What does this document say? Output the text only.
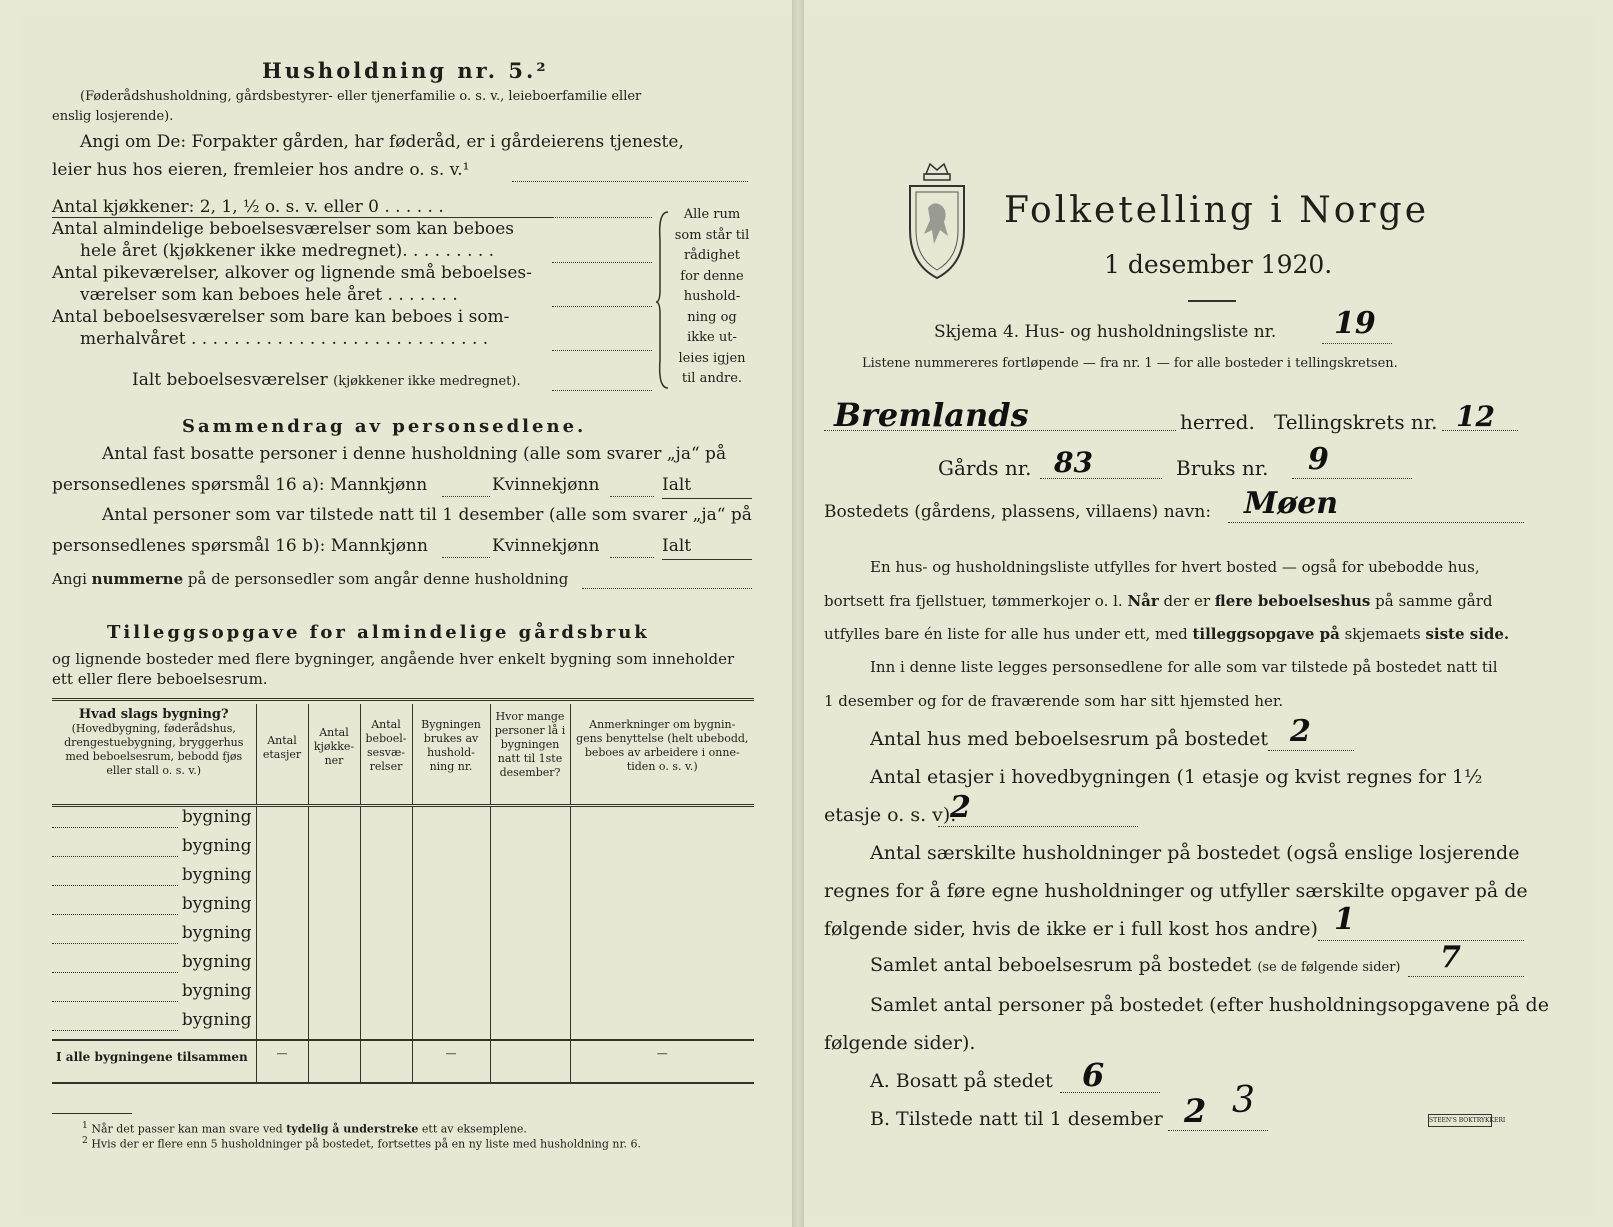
Husholdning nr. 5.²
(Føderådshusholdning, gårdsbestyrer- eller tjenerfamilie o. s. v., leieboerfamilie eller
enslig losjerende).
Angi om De: Forpakter gården, har føderåd, er i gårdeierens tjeneste,
leier hus hos eieren, fremleier hos andre o. s. v.¹
Antal kjøkkener: 2, 1, ½ o. s. v. eller 0 . . . . . .
Antal almindelige beboelsesværelser som kan beboes
hele året (kjøkkener ikke medregnet). . . . . . . . .
Antal pikeværelser, alkover og lignende små beboelses-
værelser som kan beboes hele året . . . . . . .
Antal beboelsesværelser som bare kan beboes i som-
merhalvåret . . . . . . . . . . . . . . . . . . . . . . . . . . . .
Ialt beboelsesværelser (kjøkkener ikke medregnet).
Alle rum
som står til
rådighet
for denne
hushold-
ning og
ikke ut-
leies igjen
til andre.
Sammendrag av personsedlene.
Antal fast bosatte personer i denne husholdning (alle som svarer „ja“ på
personsedlenes spørsmål 16 a): Mannkjønn	Kvinnekjønn	Ialt
Antal personer som var tilstede natt til 1 desember (alle som svarer „ja“ på
personsedlenes spørsmål 16 b): Mannkjønn	Kvinnekjønn	Ialt
Angi nummerne på de personsedler som angår denne husholdning
Tilleggsopgave for almindelige gårdsbruk
og lignende bosteder med flere bygninger, angående hver enkelt bygning som inneholder
ett eller flere beboelsesrum.
Hvad slags bygning?
(Hovedbygning, føderådshus, drengestuebygning, bryggerhus med beboelsesrum, bebodd fjøs eller stall o. s. v.)	Antal etasjer	Antal kjøkke- ner	Antal beboel- sesvæ- relser	Bygningen brukes av hushold- ning nr.	Hvor mange personer lå i bygningen natt til 1ste desember?	Anmerkninger om bygnin- gens benyttelse (helt ubebodd, beboes av arbeidere i onne- tiden o. s. v.)

bygning						

bygning						

bygning						

bygning						

bygning						

bygning						

bygning						

bygning						
I alle bygningene tilsammen	—			—		—
$^1$ Når det passer kan man svare ved tydelig å understreke ett av eksemplene.
$^2$ Hvis der er flere enn 5 husholdninger på bostedet, fortsettes på en ny liste med husholdning nr. 6.
Folketelling i Norge
1 desember 1920.
Skjema 4. Hus- og husholdningsliste nr. 19
Listene nummereres fortløpende — fra nr. 1 — for alle bosteder i tellingskretsen.
Bremlands	herred. Tellingskrets nr. 12
Gårds nr. 83	Bruks nr. 9
Bostedets (gårdens, plassens, villaens) navn: Møen
En hus- og husholdningsliste utfylles for hvert bosted — også for ubebodde hus,
bortsett fra fjellstuer, tømmerkojer o. l. Når der er flere beboelseshus på samme gård
utfylles bare én liste for alle hus under ett, med tilleggsopgave på skjemaets siste side.
Inn i denne liste legges personsedlene for alle som var tilstede på bostedet natt til
1 desember og for de fraværende som har sitt hjemsted her.
Antal hus med beboelsesrum på bostedet 2
Antal etasjer i hovedbygningen (1 etasje og kvist regnes for 1½
etasje o. s. v).
2
Antal særskilte husholdninger på bostedet (også enslige losjerende
regnes for å føre egne husholdninger og utfyller særskilte opgaver på de
følgende sider, hvis de ikke er i full kost hos andre) 1
Samlet antal beboelsesrum på bostedet (se de følgende sider) 7
Samlet antal personer på bostedet (efter husholdningsopgavene på de
følgende sider).
A. Bosatt på stedet 6
B. Tilstede natt til 1 desember 2 3	STEEN'S BOKTRYKKERI
